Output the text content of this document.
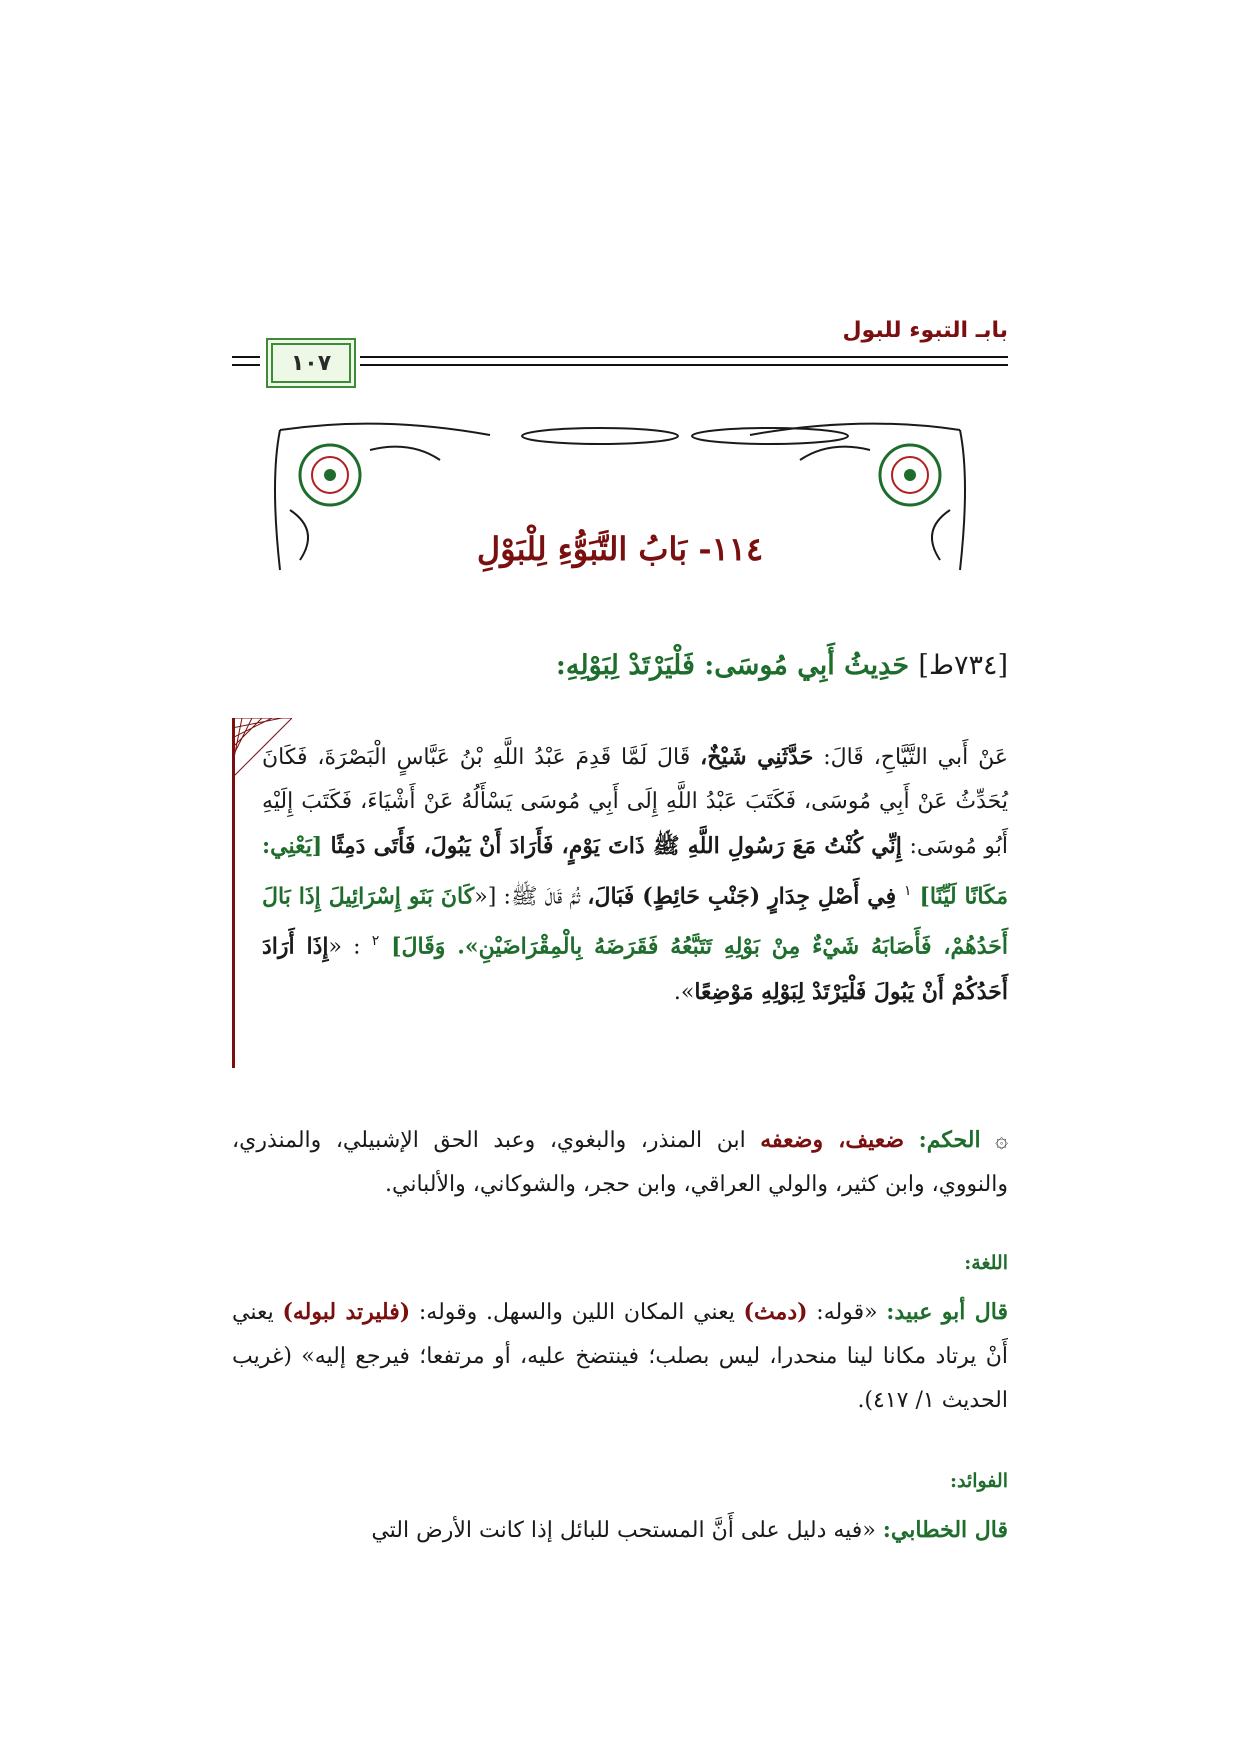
بابـ التبوء للبول
١٠٧
١١٤- بَابُ التَّبَوُّءِ لِلْبَوْلِ
[٧٣٤ط] حَدِيثُ أَبِي مُوسَى: فَلْيَرْتَدْ لِبَوْلِهِ:
عَنْ أَبي التَّيَّاحِ، قَالَ: حَدَّثَنِي شَيْخٌ، قَالَ لَمَّا قَدِمَ عَبْدُ اللَّهِ بْنُ عَبَّاسٍ الْبَصْرَةَ، فَكَانَ يُحَدِّثُ عَنْ أَبِي مُوسَى، فَكَتَبَ عَبْدُ اللَّهِ إِلَى أَبِي مُوسَى يَسْأَلُهُ عَنْ أَشْيَاءَ، فَكَتَبَ إِلَيْهِ أَبُو مُوسَى: إِنِّي كُنْتُ مَعَ رَسُولِ اللَّهِ ﷺ ذَاتَ يَوْمٍ، فَأَرَادَ أَنْ يَبُولَ، فَأَتَى دَمِثًا [يَعْنِي: مَكَانًا لَيِّنًا] $^١$ فِي أَصْلِ جِدَارٍ (جَنْبِ حَائِطٍ) فَبَالَ، ثُمَّ قَالَ ﷺ: [«كَانَ بَنَو إِسْرَائِيلَ إِذَا بَالَ أَحَدُهُمْ، فَأَصَابَهُ شَيْءٌ مِنْ بَوْلِهِ تَتَبَّعُهُ فَقَرَضَهُ بِالْمِقْرَاضَيْنِ». وَقَالَ] $^٢$ : «إِذَا أَرَادَ أَحَدُكُمْ أَنْ يَبُولَ فَلْيَرْتَدْ لِبَوْلِهِ مَوْضِعًا».
۞ الحكم: ضعيف، وضعفه ابن المنذر، والبغوي، وعبد الحق الإشبيلي، والمنذري، والنووي، وابن كثير، والولي العراقي، وابن حجر، والشوكاني، والألباني.
اللغة:
قال أبو عبيد: «قوله: (دمث) يعني المكان اللين والسهل. وقوله: (فليرتد لبوله) يعني أَنْ يرتاد مكانا لينا منحدرا، ليس بصلب؛ فينتضخ عليه، أو مرتفعا؛ فيرجع إليه» (غريب الحديث ١/ ٤١٧).
الفوائد:
قال الخطابي: «فيه دليل على أَنَّ المستحب للبائل إذا كانت الأرض التي
